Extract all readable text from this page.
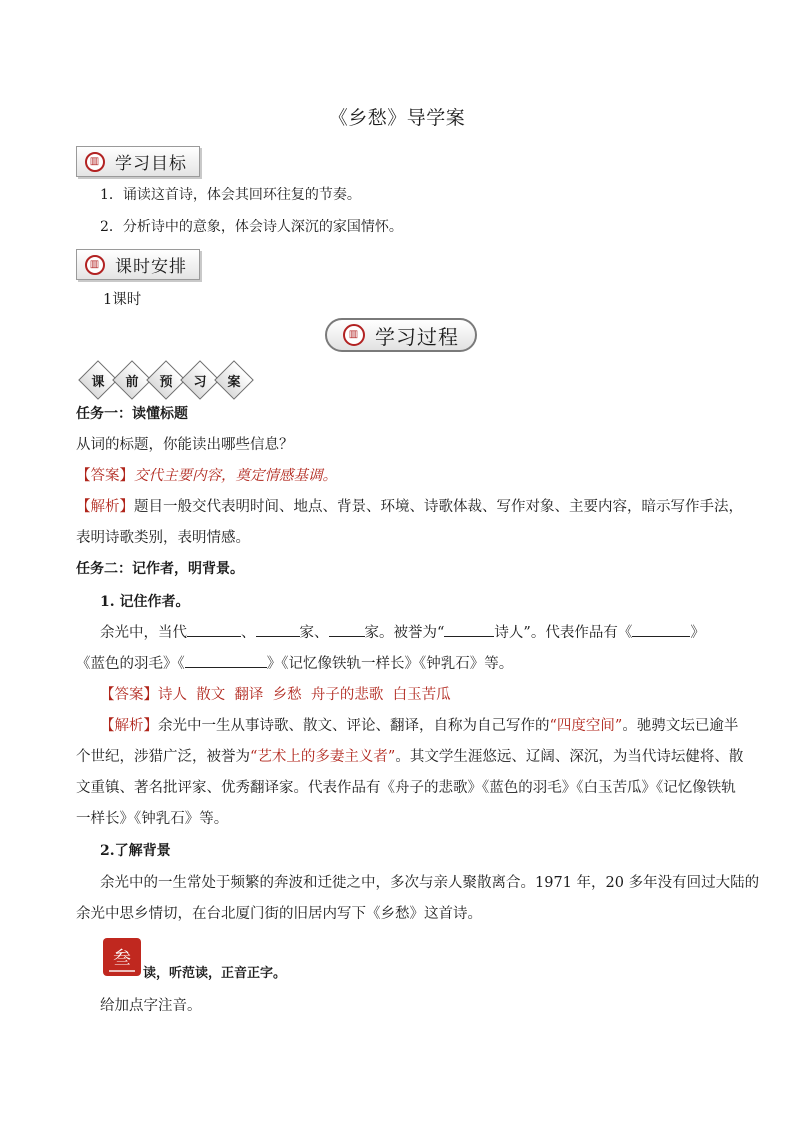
《乡愁》导学案
▥ 学习目标
1．诵读这首诗，体会其回环往复的节奏。
2．分析诗中的意象，体会诗人深沉的家国情怀。
▥ 课时安排
1课时
▥ 学习过程
课	前	预	习	案
任务一：读懂标题
从词的标题，你能读出哪些信息？
【答案】交代主要内容，奠定情感基调。
【解析】题目一般交代表明时间、地点、背景、环境、诗歌体裁、写作对象、主要内容，暗示写作手法，
表明诗歌类别，表明情感。
任务二：记作者，明背景。
1. 记住作者。
余光中，当代	、	家、 家。被誉为“	诗人”。代表作品有《	》
《蓝色的羽毛》《	》《记忆像铁轨一样长》《钟乳石》等。
【答案】诗人  散文  翻译  乡愁  舟子的悲歌  白玉苦瓜
【解析】余光中一生从事诗歌、散文、评论、翻译，自称为自己写作的“四度空间”。驰骋文坛已逾半
个世纪，涉猎广泛，被誉为“艺术上的多妻主义者”。其文学生涯悠远、辽阔、深沉，为当代诗坛健将、散
文重镇、著名批评家、优秀翻译家。代表作品有《舟子的悲歌》《蓝色的羽毛》《白玉苦瓜》《记忆像铁轨
一样长》《钟乳石》等。
2.了解背景
余光中的一生常处于频繁的奔波和迁徙之中，多次与亲人聚散离合。1971 年，20 多年没有回过大陆的
余光中思乡情切，在台北厦门街的旧居内写下《乡愁》这首诗。
叁
读，听范读，正音正字。
给加点字注音。
